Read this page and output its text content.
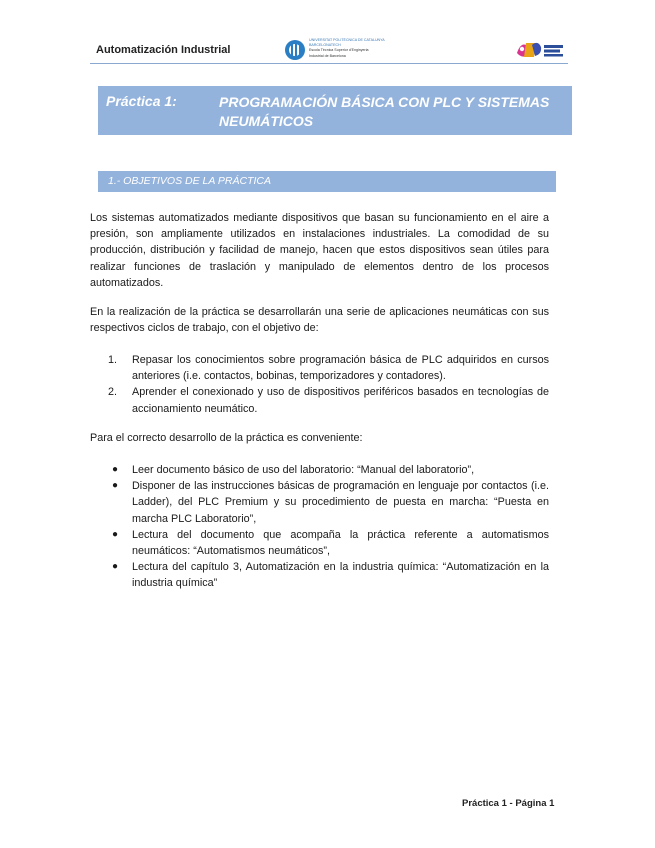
Automatización Industrial
UNIVERSITAT POLITÈCNICA DE CATALUNYA
BARCELONATECH
Escola Tècnica Superior d'Enginyeria
Industrial de Barcelona
Práctica 1:	PROGRAMACIÓN BÁSICA CON PLC Y SISTEMAS NEUMÁTICOS
1.- OBJETIVOS DE LA PRÁCTICA

Los sistemas automatizados mediante dispositivos que basan su funcionamiento en el aire a presión, son ampliamente utilizados en instalaciones industriales. La comodidad de su producción, distribución y facilidad de manejo, hacen que estos dispositivos sean útiles para realizar funciones de traslación y manipulado de elementos dentro de los procesos automatizados.

En la realización de la práctica se desarrollarán una serie de aplicaciones neumáticas con sus respectivos ciclos de trabajo, con el objetivo de:

1. Repasar los conocimientos sobre programación básica de PLC adquiridos en cursos anteriores (i.e. contactos, bobinas, temporizadores y contadores).
2. Aprender el conexionado y uso de dispositivos periféricos basados en tecnologías de accionamiento neumático.

Para el correcto desarrollo de la práctica es conveniente:

● Leer documento básico de uso del laboratorio: “Manual del laboratorio”,
● Disponer de las instrucciones básicas de programación en lenguaje por contactos (i.e. Ladder), del PLC Premium y su procedimiento de puesta en marcha: “Puesta en marcha PLC Laboratorio”,
● Lectura del documento que acompaña la práctica referente a automatismos neumáticos: “Automatismos neumáticos”,
● Lectura del capítulo 3, Automatización en la industria química: “Automatización en la industria química”
Práctica 1 - Página 1
